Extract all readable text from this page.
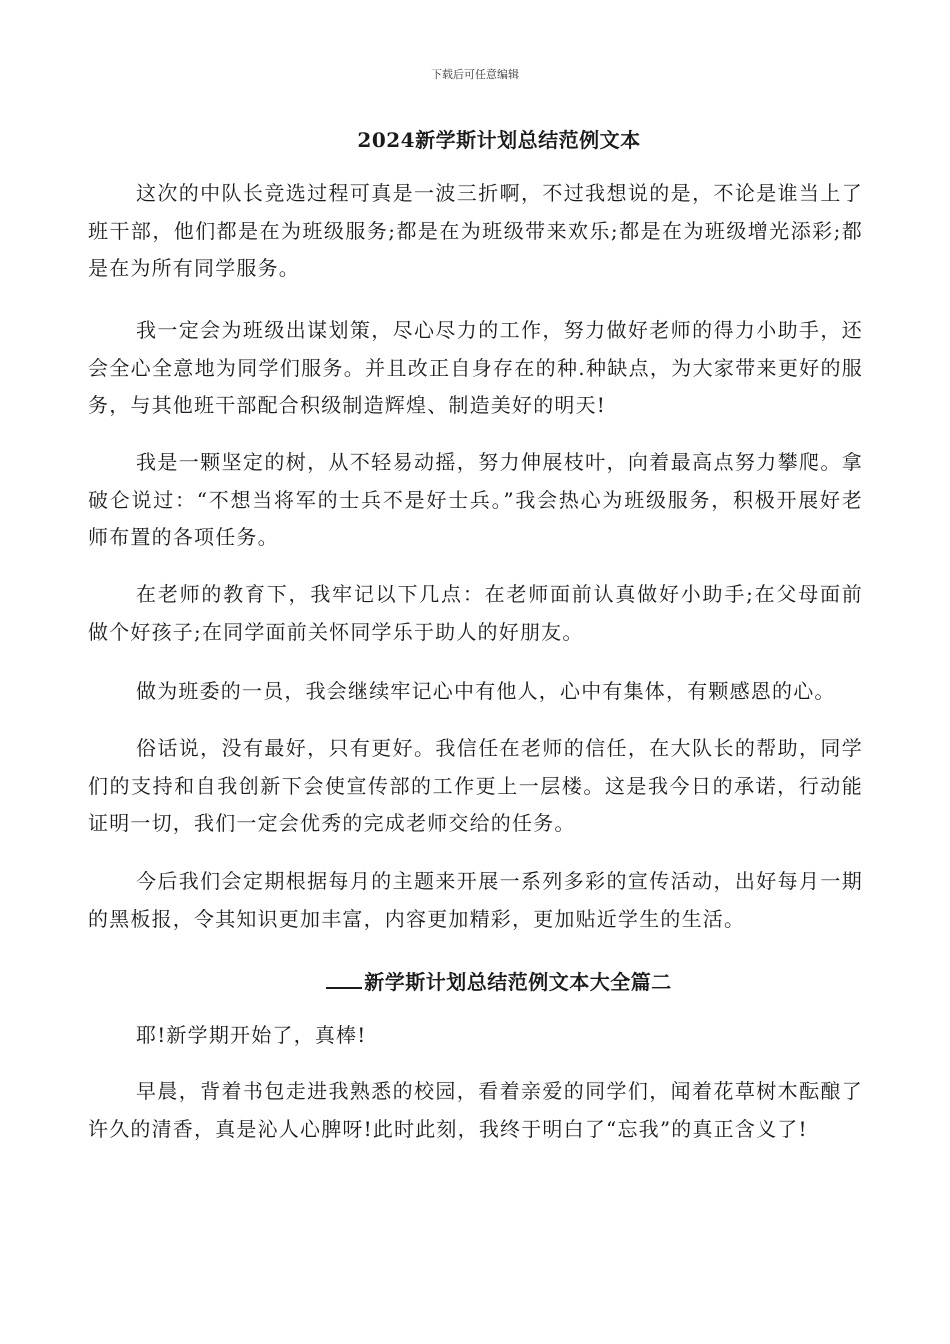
下载后可任意编辑
2024新学斯计划总结范例文本

这次的中队长竞选过程可真是一波三折啊，不过我想说的是，不论是谁当上了班干部，他们都是在为班级服务;都是在为班级带来欢乐;都是在为班级增光添彩;都是在为所有同学服务。

我一定会为班级出谋划策，尽心尽力的工作，努力做好老师的得力小助手，还会全心全意地为同学们服务。并且改正自身存在的种.种缺点，为大家带来更好的服务，与其他班干部配合积级制造辉煌、制造美好的明天!

我是一颗坚定的树，从不轻易动摇，努力伸展枝叶，向着最高点努力攀爬。拿破仑说过：“不想当将军的士兵不是好士兵。”我会热心为班级服务，积极开展好老师布置的各项任务。

在老师的教育下，我牢记以下几点：在老师面前认真做好小助手;在父母面前做个好孩子;在同学面前关怀同学乐于助人的好朋友。

做为班委的一员，我会继续牢记心中有他人，心中有集体，有颗感恩的心。

俗话说，没有最好，只有更好。我信任在老师的信任，在大队长的帮助，同学们的支持和自我创新下会使宣传部的工作更上一层楼。这是我今日的承诺，行动能证明一切，我们一定会优秀的完成老师交给的任务。

今后我们会定期根据每月的主题来开展一系列多彩的宣传活动，出好每月一期的黑板报，令其知识更加丰富，内容更加精彩，更加贴近学生的生活。

新学斯计划总结范例文本大全篇二

耶!新学期开始了，真棒!

早晨，背着书包走进我熟悉的校园，看着亲爱的同学们，闻着花草树木酝酿了许久的清香，真是沁人心脾呀!此时此刻，我终于明白了“忘我”的真正含义了!
